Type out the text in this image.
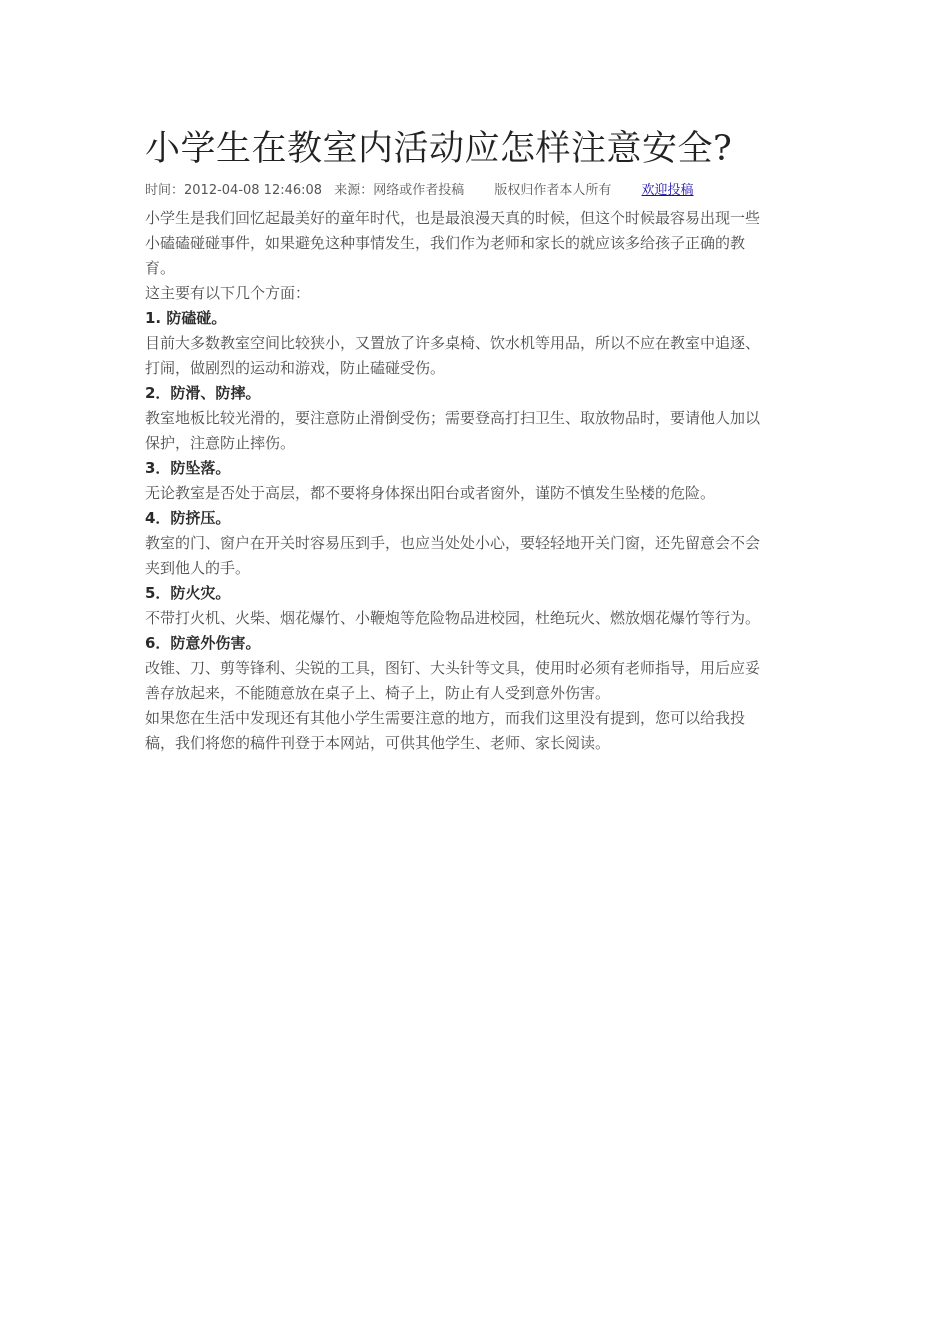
小学生在教室内活动应怎样注意安全?
时间：2012-04-08 12:46:08 来源：网络或作者投稿 版权归作者本人所有 欢迎投稿

小学生是我们回忆起最美好的童年时代，也是最浪漫天真的时候，但这个时候最容易出现一些小磕磕碰碰事件，如果避免这种事情发生，我们作为老师和家长的就应该多给孩子正确的教育。

这主要有以下几个方面：

1. 防磕碰。

目前大多数教室空间比较狭小，又置放了许多桌椅、饮水机等用品，所以不应在教室中追逐、打闹，做剧烈的运动和游戏，防止磕碰受伤。

2．防滑、防摔。

教室地板比较光滑的，要注意防止滑倒受伤；需要登高打扫卫生、取放物品时，要请他人加以保护，注意防止摔伤。

3．防坠落。

无论教室是否处于高层，都不要将身体探出阳台或者窗外，谨防不慎发生坠楼的危险。

4．防挤压。

教室的门、窗户在开关时容易压到手，也应当处处小心，要轻轻地开关门窗，还先留意会不会夹到他人的手。

5．防火灾。

不带打火机、火柴、烟花爆竹、小鞭炮等危险物品进校园，杜绝玩火、燃放烟花爆竹等行为。

6．防意外伤害。

改锥、刀、剪等锋利、尖锐的工具，图钉、大头针等文具，使用时必须有老师指导，用后应妥善存放起来，不能随意放在桌子上、椅子上，防止有人受到意外伤害。

如果您在生活中发现还有其他小学生需要注意的地方，而我们这里没有提到，您可以给我投稿，我们将您的稿件刊登于本网站，可供其他学生、老师、家长阅读。
